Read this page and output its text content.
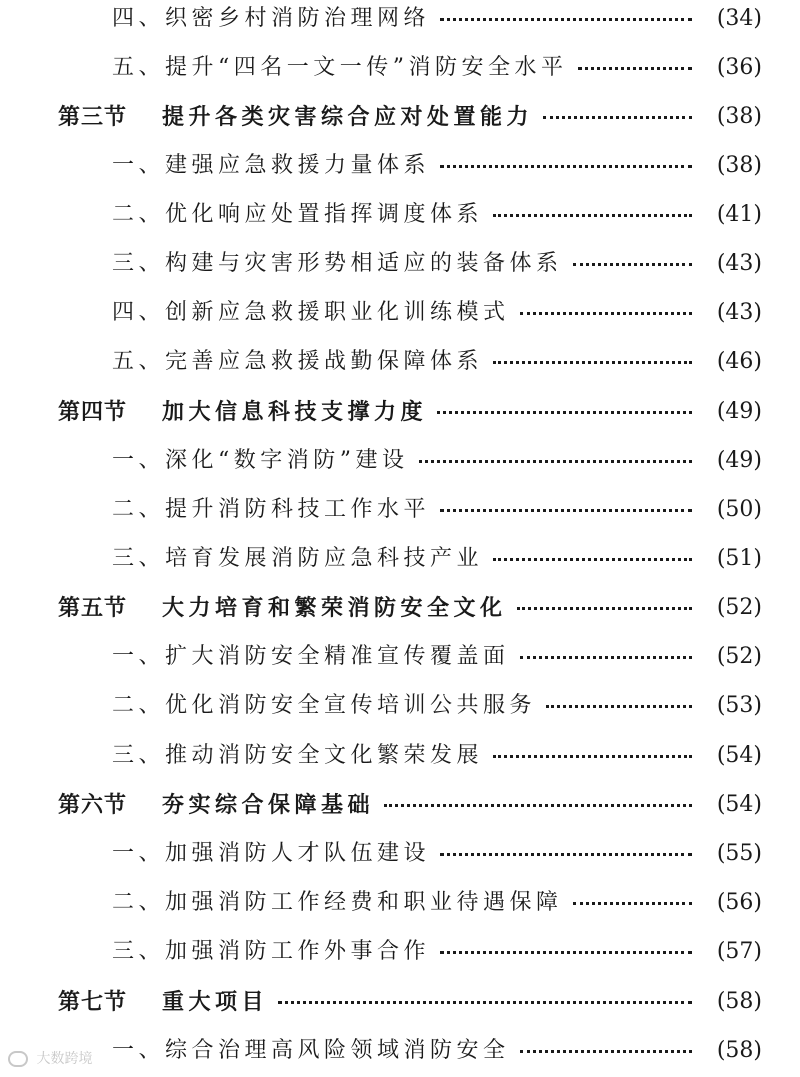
四、织密乡村消防治理网络	(34)
五、提升“四名一文一传”消防安全水平	(36)
第三节 提升各类灾害综合应对处置能力	(38)
一、建强应急救援力量体系	(38)
二、优化响应处置指挥调度体系	(41)
三、构建与灾害形势相适应的装备体系	(43)
四、创新应急救援职业化训练模式	(43)
五、完善应急救援战勤保障体系	(46)
第四节 加大信息科技支撑力度	(49)
一、深化“数字消防”建设	(49)
二、提升消防科技工作水平	(50)
三、培育发展消防应急科技产业	(51)
第五节 大力培育和繁荣消防安全文化	(52)
一、扩大消防安全精准宣传覆盖面	(52)
二、优化消防安全宣传培训公共服务	(53)
三、推动消防安全文化繁荣发展	(54)
第六节 夯实综合保障基础	(54)
一、加强消防人才队伍建设	(55)
二、加强消防工作经费和职业待遇保障	(56)
三、加强消防工作外事合作	(57)
第七节 重大项目	(58)
一、综合治理高风险领域消防安全	(58)
大数跨境
